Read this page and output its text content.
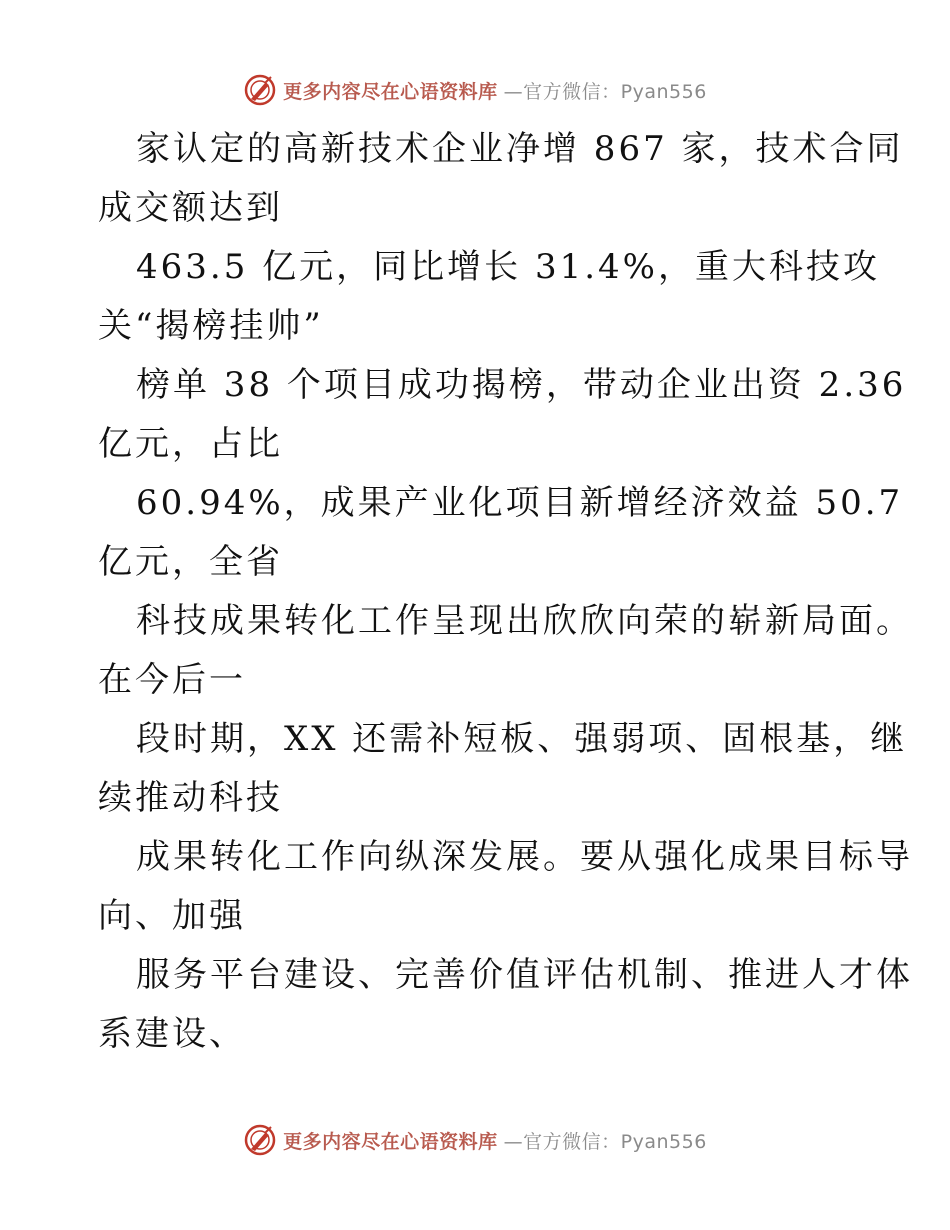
更多内容尽在心语资料库 —官方微信：Pyan556
家认定的高新技术企业净增 867 家，技术合同
成交额达到
463.5 亿元，同比增长 31.4%，重大科技攻
关“揭榜挂帅”
榜单 38 个项目成功揭榜，带动企业出资 2.36
亿元，占比
60.94%，成果产业化项目新增经济效益 50.7
亿元，全省
科技成果转化工作呈现出欣欣向荣的崭新局面。
在今后一
段时期，XX 还需补短板、强弱项、固根基，继
续推动科技
成果转化工作向纵深发展。要从强化成果目标导
向、加强
服务平台建设、完善价值评估机制、推进人才体
系建设、
更多内容尽在心语资料库 —官方微信：Pyan556
